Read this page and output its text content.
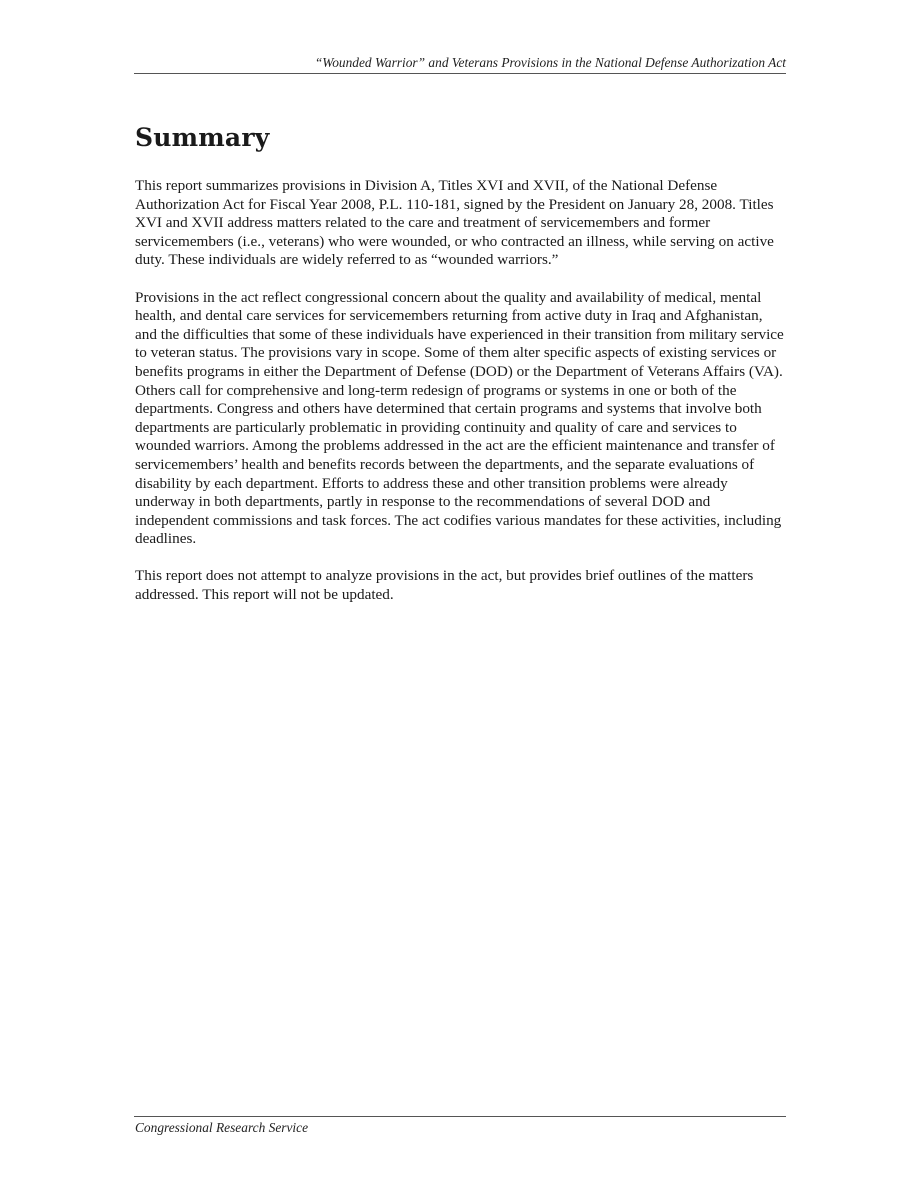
“Wounded Warrior” and Veterans Provisions in the National Defense Authorization Act
Summary

This report summarizes provisions in Division A, Titles XVI and XVII, of the National Defense Authorization Act for Fiscal Year 2008, P.L. 110-181, signed by the President on January 28, 2008. Titles XVI and XVII address matters related to the care and treatment of servicemembers and former servicemembers (i.e., veterans) who were wounded, or who contracted an illness, while serving on active duty. These individuals are widely referred to as “wounded warriors.”

Provisions in the act reflect congressional concern about the quality and availability of medical, mental health, and dental care services for servicemembers returning from active duty in Iraq and Afghanistan, and the difficulties that some of these individuals have experienced in their transition from military service to veteran status. The provisions vary in scope. Some of them alter specific aspects of existing services or benefits programs in either the Department of Defense (DOD) or the Department of Veterans Affairs (VA). Others call for comprehensive and long-term redesign of programs or systems in one or both of the departments. Congress and others have determined that certain programs and systems that involve both departments are particularly problematic in providing continuity and quality of care and services to wounded warriors. Among the problems addressed in the act are the efficient maintenance and transfer of servicemembers’ health and benefits records between the departments, and the separate evaluations of disability by each department. Efforts to address these and other transition problems were already underway in both departments, partly in response to the recommendations of several DOD and independent commissions and task forces. The act codifies various mandates for these activities, including deadlines.

This report does not attempt to analyze provisions in the act, but provides brief outlines of the matters addressed. This report will not be updated.

Congressional Research Service
